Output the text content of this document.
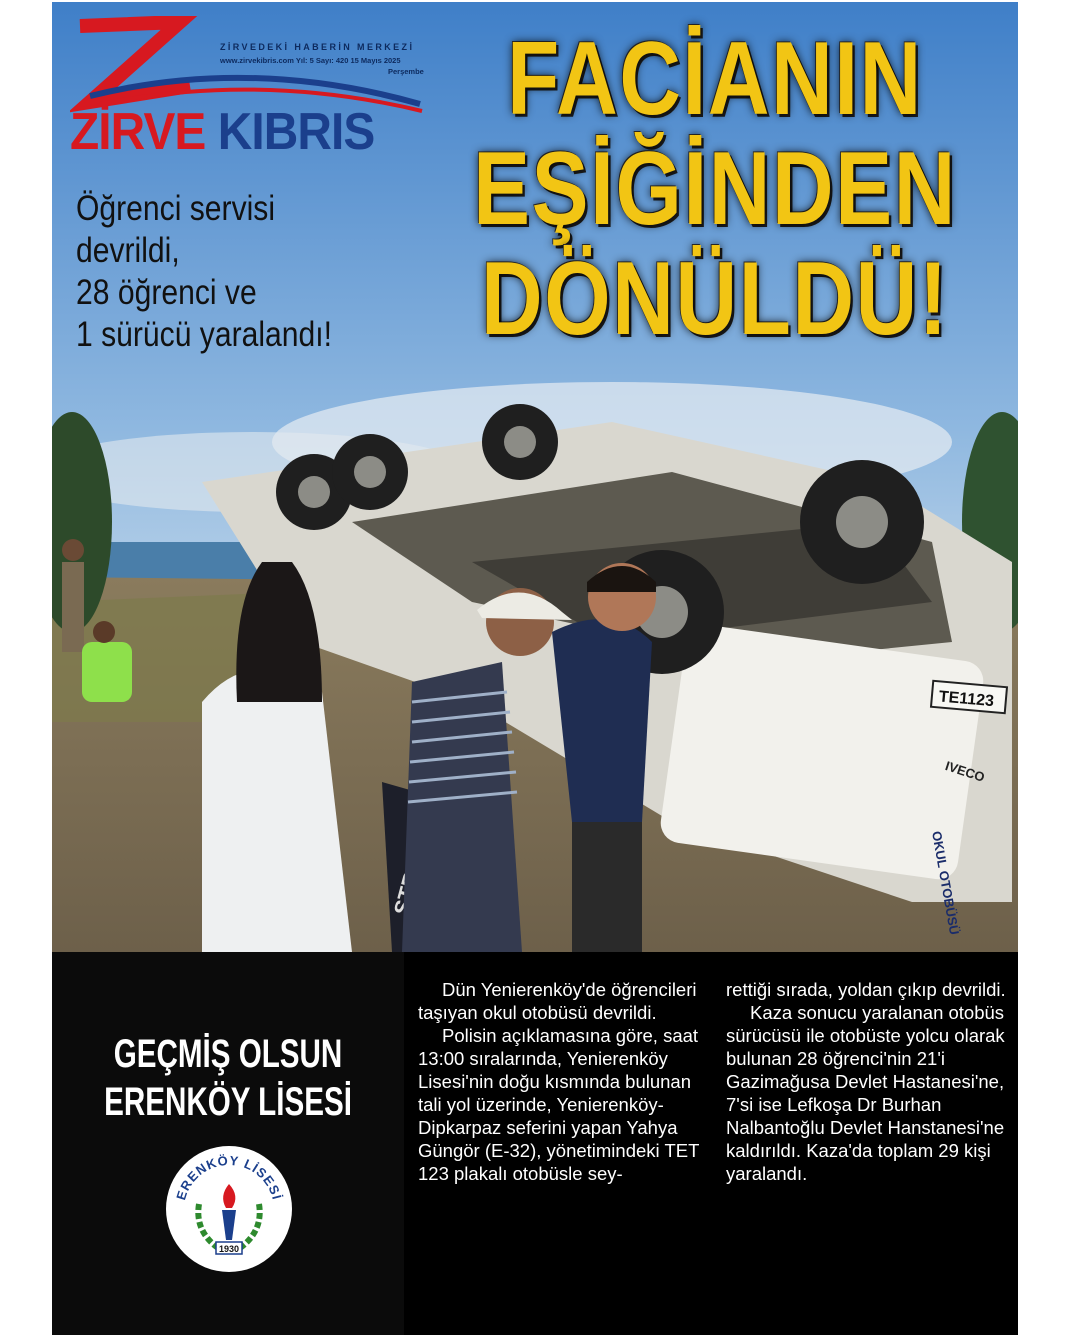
TE1123
IVECO
OKUL OTOBÜSÜ
ZİRVEDEKİ HABERİN MERKEZİ
www.zirvekibris.com Yıl: 5 Sayı: 420 15 Mayıs 2025
Perşembe
ZİRVE KIBRIS
Öğrenci servisi
devrildi,
28 öğrenci ve
1 sürücü yaralandı!
FACİANIN
EŞİĞİNDEN
DÖNÜLDÜ!
GEÇMİŞ OLSUN
ERENKÖY LİSESİ
ERENKÖY LİSESİ
1930

Dün Yenierenköy'de öğrencileri taşıyan okul otobüsü devrildi.

Polisin açıklamasına göre, saat 13:00 sıralarında, Yenierenköy Lisesi'nin doğu kısmında bulunan tali yol üzerinde, Yenierenköy-Dipkarpaz seferini yapan Yahya Güngör (E-32), yönetimindeki TET 123 plakalı otobüsle sey-

rettiği sırada, yoldan çıkıp devrildi.

Kaza sonucu yaralanan otobüs sürücüsü ile otobüste yolcu olarak bulunan 28 öğrenci'nin 21'i Gazimağusa Devlet Hastanesi'ne, 7'si ise Lefkoşa Dr Burhan Nalbantoğlu Devlet Hanstanesi'ne kaldırıldı. Kaza'da toplam 29 kişi yaralandı.
